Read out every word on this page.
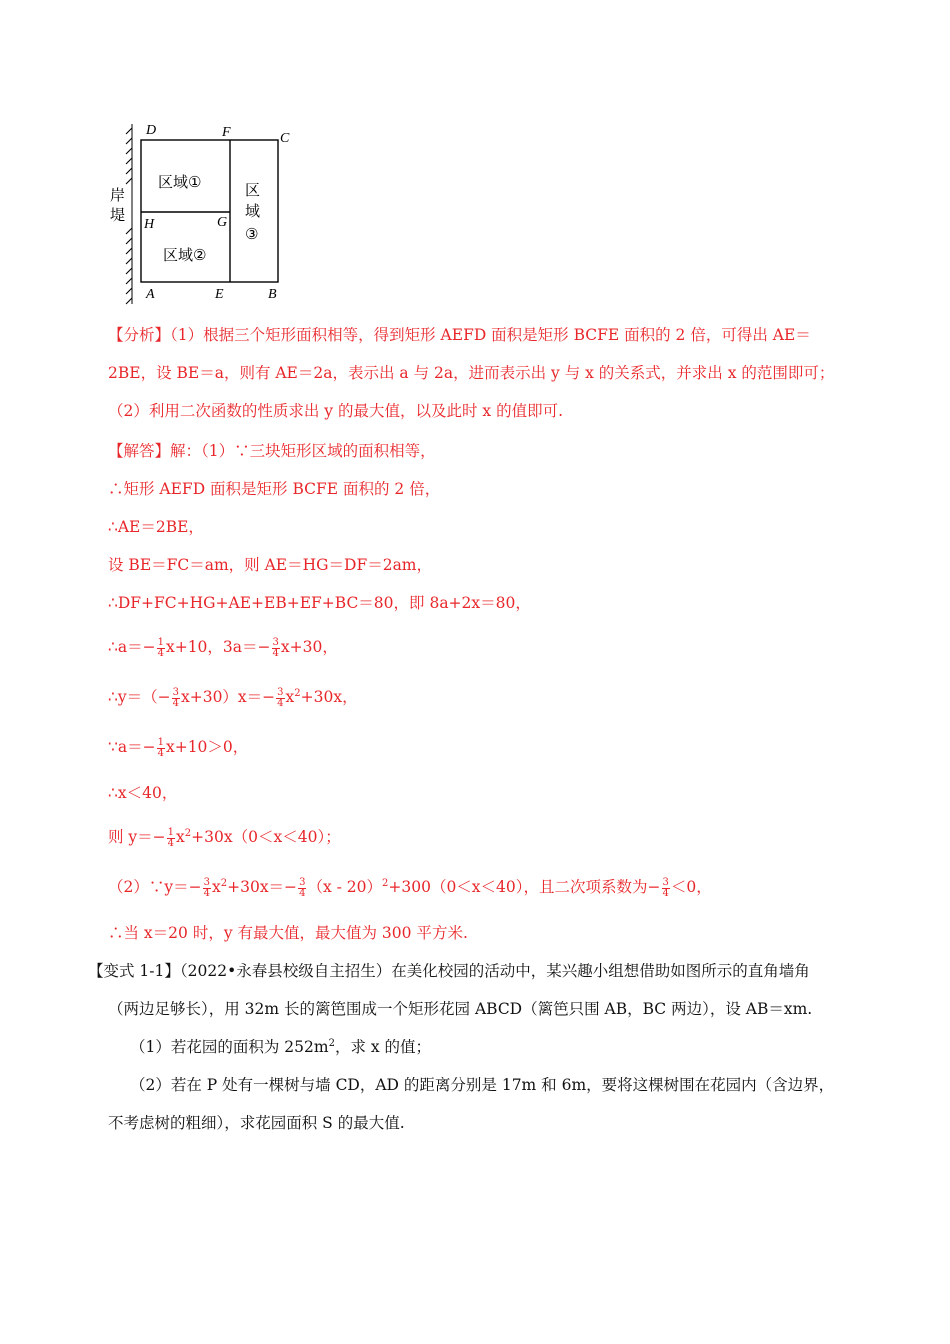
D	F	C
H	G
A	E	B
岸
堤
区域①
区域②
区
域
③
【分析】（1）根据三个矩形面积相等，得到矩形 AEFD 面积是矩形 BCFE 面积的 2 倍，可得出 AE＝
2BE，设 BE＝a，则有 AE＝2a，表示出 a 与 2a，进而表示出 y 与 x 的关系式，并求出 x 的范围即可；
（2）利用二次函数的性质求出 y 的最大值，以及此时 x 的值即可.
【解答】解：（1）∵三块矩形区域的面积相等，
∴矩形 AEFD 面积是矩形 BCFE 面积的 2 倍，
∴AE＝2BE，
设 BE＝FC＝am，则 AE＝HG＝DF＝2am，
∴DF+FC+HG+AE+EB+EF+BC＝80，即 8a+2x＝80，
∴a＝− $\frac{1}{4} x+10$，$3a=- \frac{3}{4} x+30$，
∴y＝（− $\frac{3}{4} x+30)x=- \frac{3}{4} x^2+30x$，
∵a＝− $\frac{1}{4} x+10>0$，
∴x＜40，
则 $y=- \frac{1}{4} x^2+30x(0<x<40)$；
（2）∵y＝− $\frac{3}{4} x^2+30x=- \frac{3}{4} (x - 20)^2+300(0<x<40)$，且二次项系数为− $\frac{3}{4} <0$，
∴当 x＝20 时，y 有最大值，最大值为 300 平方米.
【变式 1-1】（2022•永春县校级自主招生）在美化校园的活动中，某兴趣小组想借助如图所示的直角墙角
（两边足够长），用 32m 长的篱笆围成一个矩形花园 ABCD（篱笆只围 AB，BC 两边），设 AB＝xm.
（1）若花园的面积为 $252m^2$，求 x 的值；
（2）若在 P 处有一棵树与墙 CD，AD 的距离分别是 17m 和 6m，要将这棵树围在花园内（含边界，
不考虑树的粗细），求花园面积 S 的最大值.
